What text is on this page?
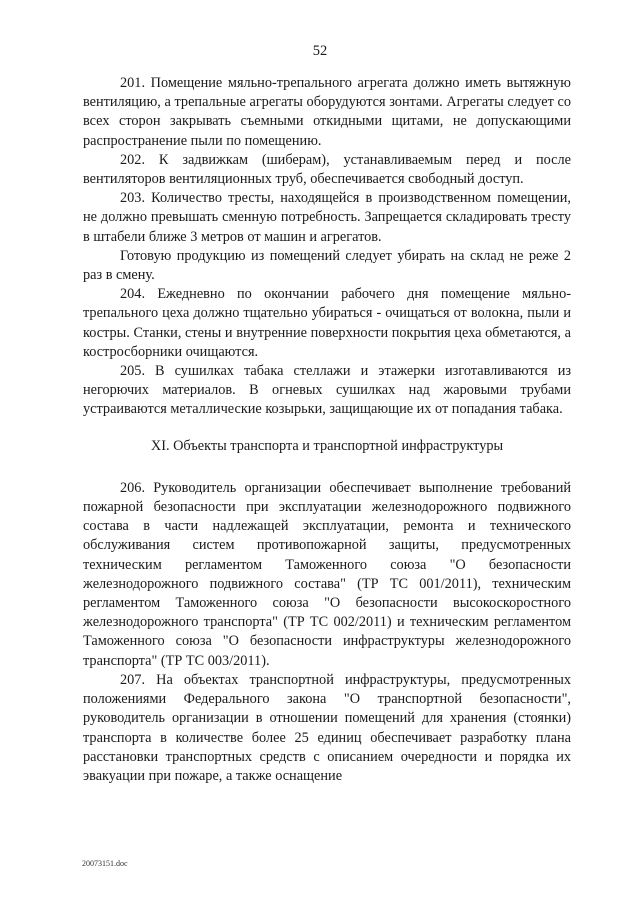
52

201. Помещение мяльно-трепального агрегата должно иметь вытяжную вентиляцию, а трепальные агрегаты оборудуются зонтами. Агрегаты следует со всех сторон закрывать съемными откидными щитами, не допускающими распространение пыли по помещению.

202. К задвижкам (шиберам), устанавливаемым перед и после вентиляторов вентиляционных труб, обеспечивается свободный доступ.

203. Количество тресты, находящейся в производственном помещении, не должно превышать сменную потребность. Запрещается складировать тресту в штабели ближе 3 метров от машин и агрегатов.

Готовую продукцию из помещений следует убирать на склад не реже 2 раз в смену.

204. Ежедневно по окончании рабочего дня помещение мяльно-трепального цеха должно тщательно убираться - очищаться от волокна, пыли и костры. Станки, стены и внутренние поверхности покрытия цеха обметаются, а костросборники очищаются.

205. В сушилках табака стеллажи и этажерки изготавливаются из негорючих материалов. В огневых сушилках над жаровыми трубами устраиваются металлические козырьки, защищающие их от попадания табака.

XI. Объекты транспорта и транспортной инфраструктуры

206. Руководитель организации обеспечивает выполнение требований пожарной безопасности при эксплуатации железнодорожного подвижного состава в части надлежащей эксплуатации, ремонта и технического обслуживания систем противопожарной защиты, предусмотренных техническим регламентом Таможенного союза "О безопасности железнодорожного подвижного состава" (ТР ТС 001/2011), техническим регламентом Таможенного союза "О безопасности высокоскоростного железнодорожного транспорта" (ТР ТС 002/2011) и техническим регламентом Таможенного союза "О безопасности инфраструктуры железнодорожного транспорта" (ТР ТС 003/2011).

207. На объектах транспортной инфраструктуры, предусмотренных положениями Федерального закона "О транспортной безопасности", руководитель организации в отношении помещений для хранения (стоянки) транспорта в количестве более 25 единиц обеспечивает разработку плана расстановки транспортных средств с описанием очередности и порядка их эвакуации при пожаре, а также оснащение

20073151.doc
